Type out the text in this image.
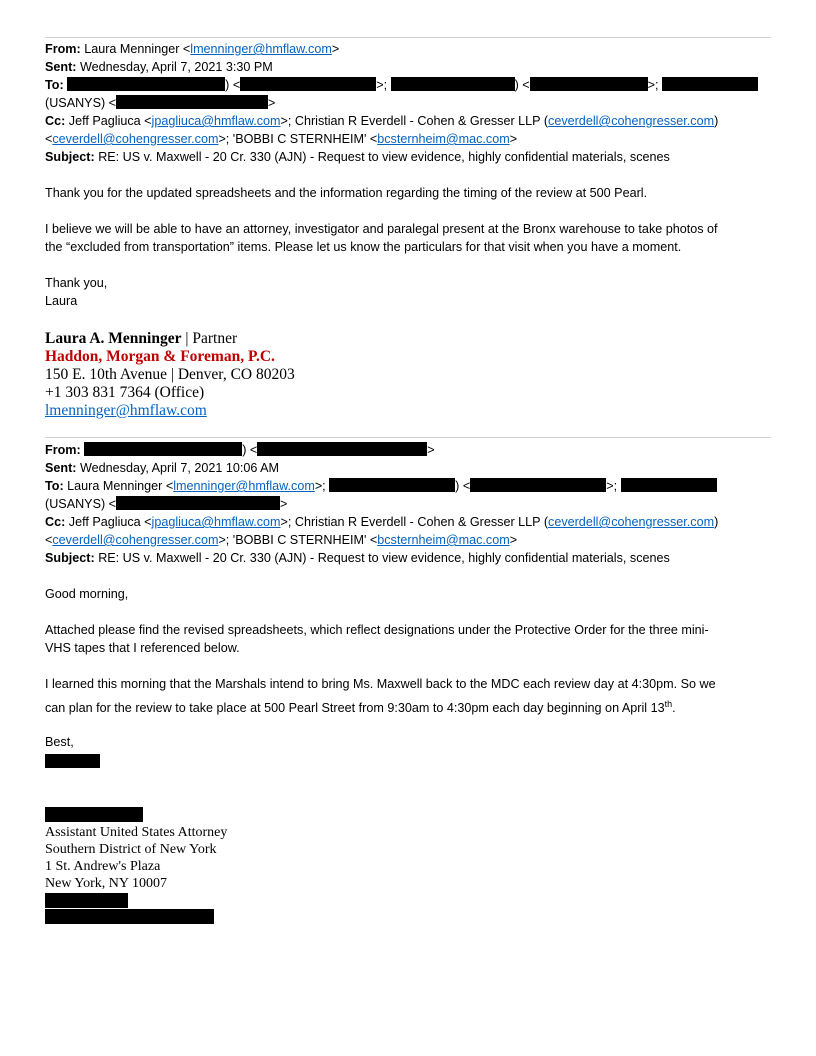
From: Laura Menninger <lmenninger@hmflaw.com>
Sent: Wednesday, April 7, 2021 3:30 PM
To:	) <	>;	) <	>;
(USANYS) <	>
Cc: Jeff Pagliuca <jpagliuca@hmflaw.com>; Christian R Everdell - Cohen & Gresser LLP (ceverdell@cohengresser.com)
<ceverdell@cohengresser.com>; 'BOBBI C STERNHEIM' <bcsternheim@mac.com>
Subject: RE: US v. Maxwell - 20 Cr. 330 (AJN) - Request to view evidence, highly confidential materials, scenes
Thank you for the updated spreadsheets and the information regarding the timing of the review at 500 Pearl.
I believe we will be able to have an attorney, investigator and paralegal present at the Bronx warehouse to take photos of
the “excluded from transportation” items. Please let us know the particulars for that visit when you have a moment.
Thank you,
Laura
Laura A. Menninger | Partner
Haddon, Morgan & Foreman, P.C.
150 E. 10th Avenue | Denver, CO 80203
+1 303 831 7364 (Office)
lmenninger@hmflaw.com
From:	) <	>
Sent: Wednesday, April 7, 2021 10:06 AM
To: Laura Menninger <lmenninger@hmflaw.com>;	) <	>;
(USANYS) <	>
Cc: Jeff Pagliuca <jpagliuca@hmflaw.com>; Christian R Everdell - Cohen & Gresser LLP (ceverdell@cohengresser.com)
<ceverdell@cohengresser.com>; 'BOBBI C STERNHEIM' <bcsternheim@mac.com>
Subject: RE: US v. Maxwell - 20 Cr. 330 (AJN) - Request to view evidence, highly confidential materials, scenes
Good morning,
Attached please find the revised spreadsheets, which reflect designations under the Protective Order for the three mini-
VHS tapes that I referenced below.
I learned this morning that the Marshals intend to bring Ms. Maxwell back to the MDC each review day at 4:30pm. So we
can plan for the review to take place at 500 Pearl Street from 9:30am to 4:30pm each day beginning on April 13th.
Best,
Assistant United States Attorney
Southern District of New York
1 St. Andrew's Plaza
New York, NY 10007
